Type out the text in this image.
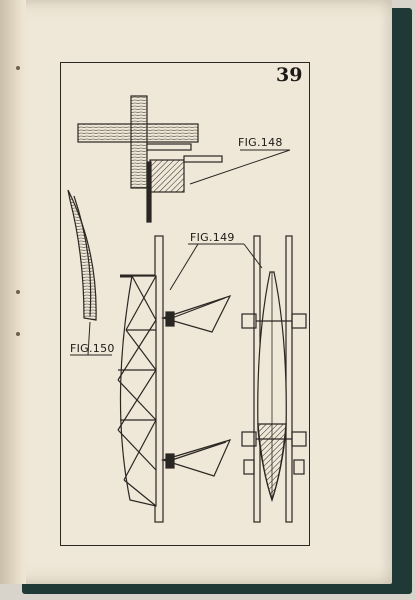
39
FIG.148
FIG.149
FIG.150
